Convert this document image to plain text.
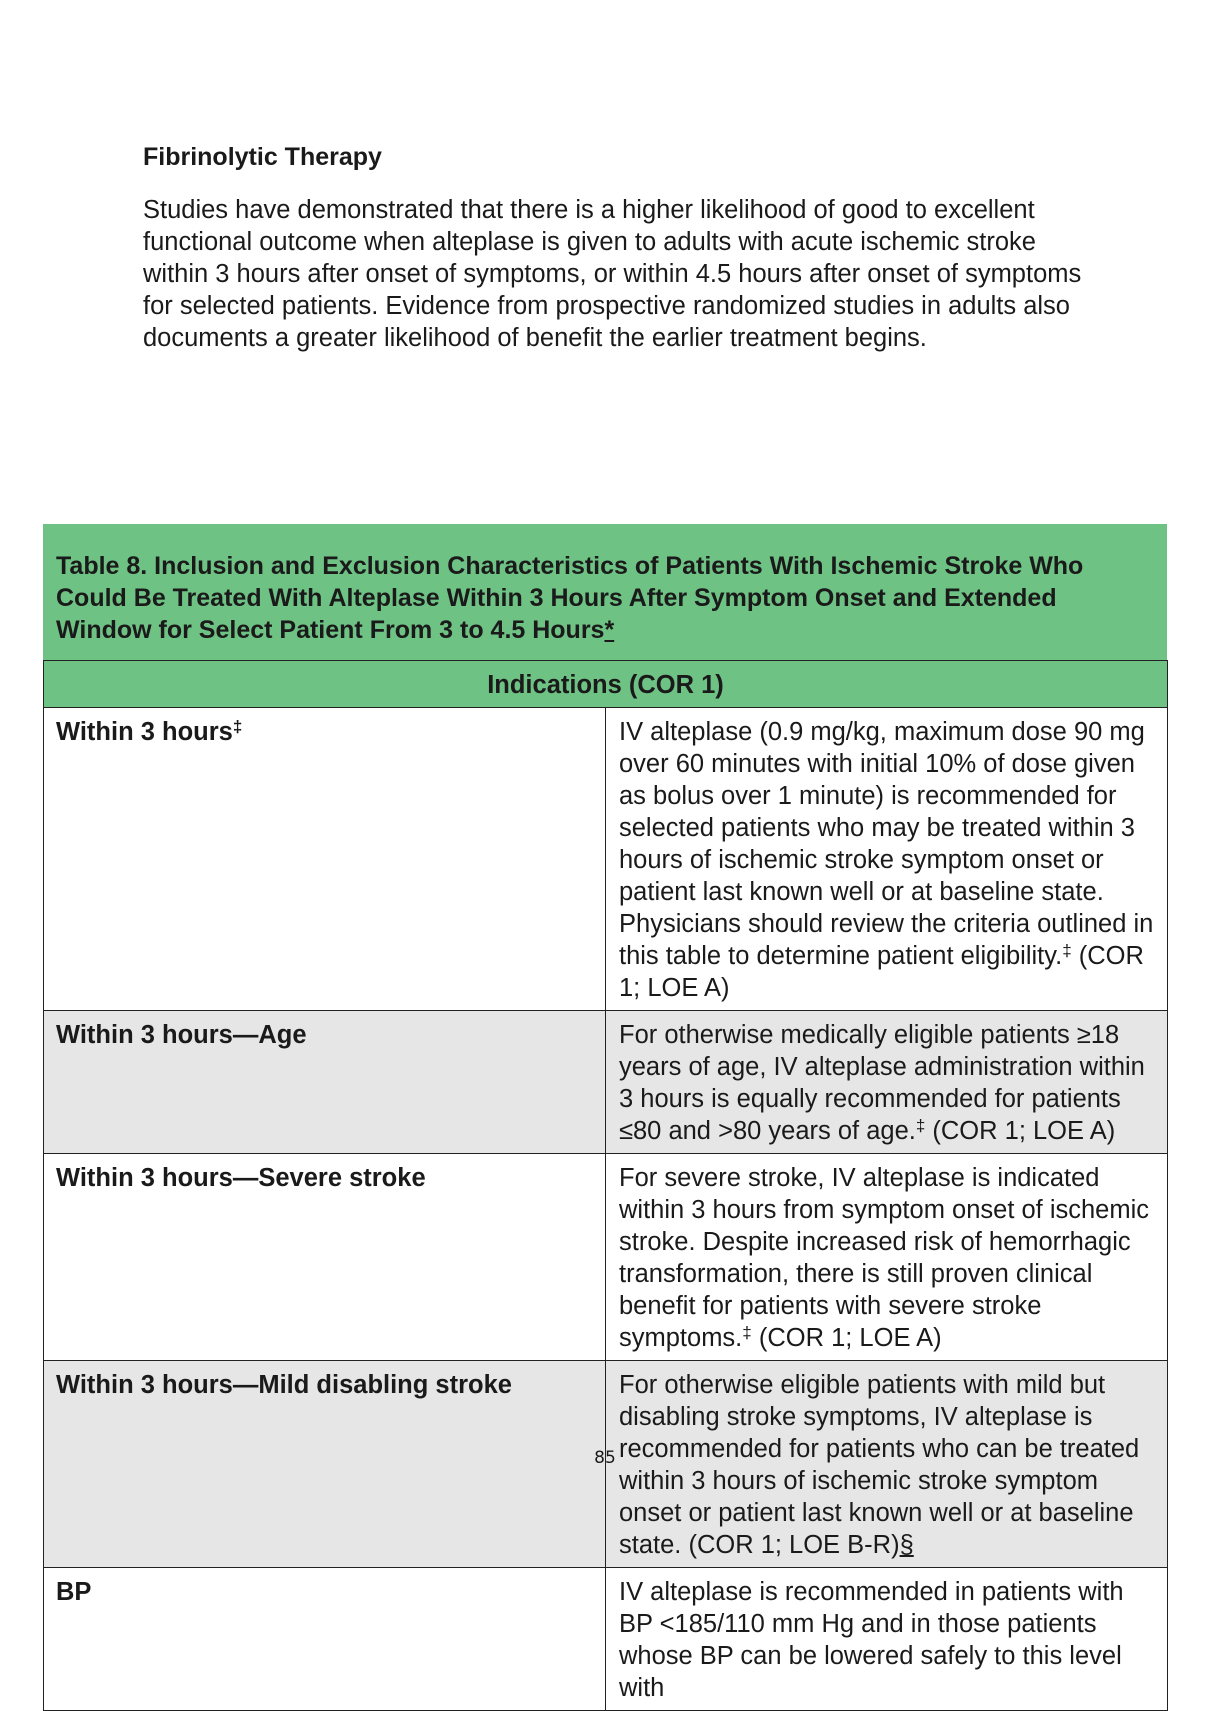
Fibrinolytic Therapy

Studies have demonstrated that there is a higher likelihood of good to excellent functional outcome when alteplase is given to adults with acute ischemic stroke within 3 hours after onset of symptoms, or within 4.5 hours after onset of symptoms for selected patients. Evidence from prospective randomized studies in adults also documents a greater likelihood of benefit the earlier treatment begins.

Table 8. Inclusion and Exclusion Characteristics of Patients With Ischemic Stroke Who Could Be Treated With Alteplase Within 3 Hours After Symptom Onset and Extended Window for Select Patient From 3 to 4.5 Hours*
Indications (COR 1)	
Within 3 hours‡	IV alteplase (0.9 mg/kg, maximum dose 90 mg over 60 minutes with initial 10% of dose given as bolus over 1 minute) is recommended for selected patients who may be treated within 3 hours of ischemic stroke symptom onset or patient last known well or at baseline state. Physicians should review the criteria outlined in this table to determine patient eligibility.‡ (COR 1; LOE A)
Within 3 hours—Age	For otherwise medically eligible patients ≥18 years of age, IV alteplase administration within 3 hours is equally recommended for patients ≤80 and >80 years of age.‡ (COR 1; LOE A)
Within 3 hours—Severe stroke	For severe stroke, IV alteplase is indicated within 3 hours from symptom onset of ischemic stroke. Despite increased risk of hemorrhagic transformation, there is still proven clinical benefit for patients with severe stroke symptoms.‡ (COR 1; LOE A)
Within 3 hours—Mild disabling stroke	For otherwise eligible patients with mild but disabling stroke symptoms, IV alteplase is recommended for patients who can be treated within 3 hours of ischemic stroke symptom onset or patient last known well or at baseline state. (COR 1; LOE B-R)§
BP	IV alteplase is recommended in patients with BP <185/110 mm Hg and in those patients whose BP can be lowered safely to this level with
85
